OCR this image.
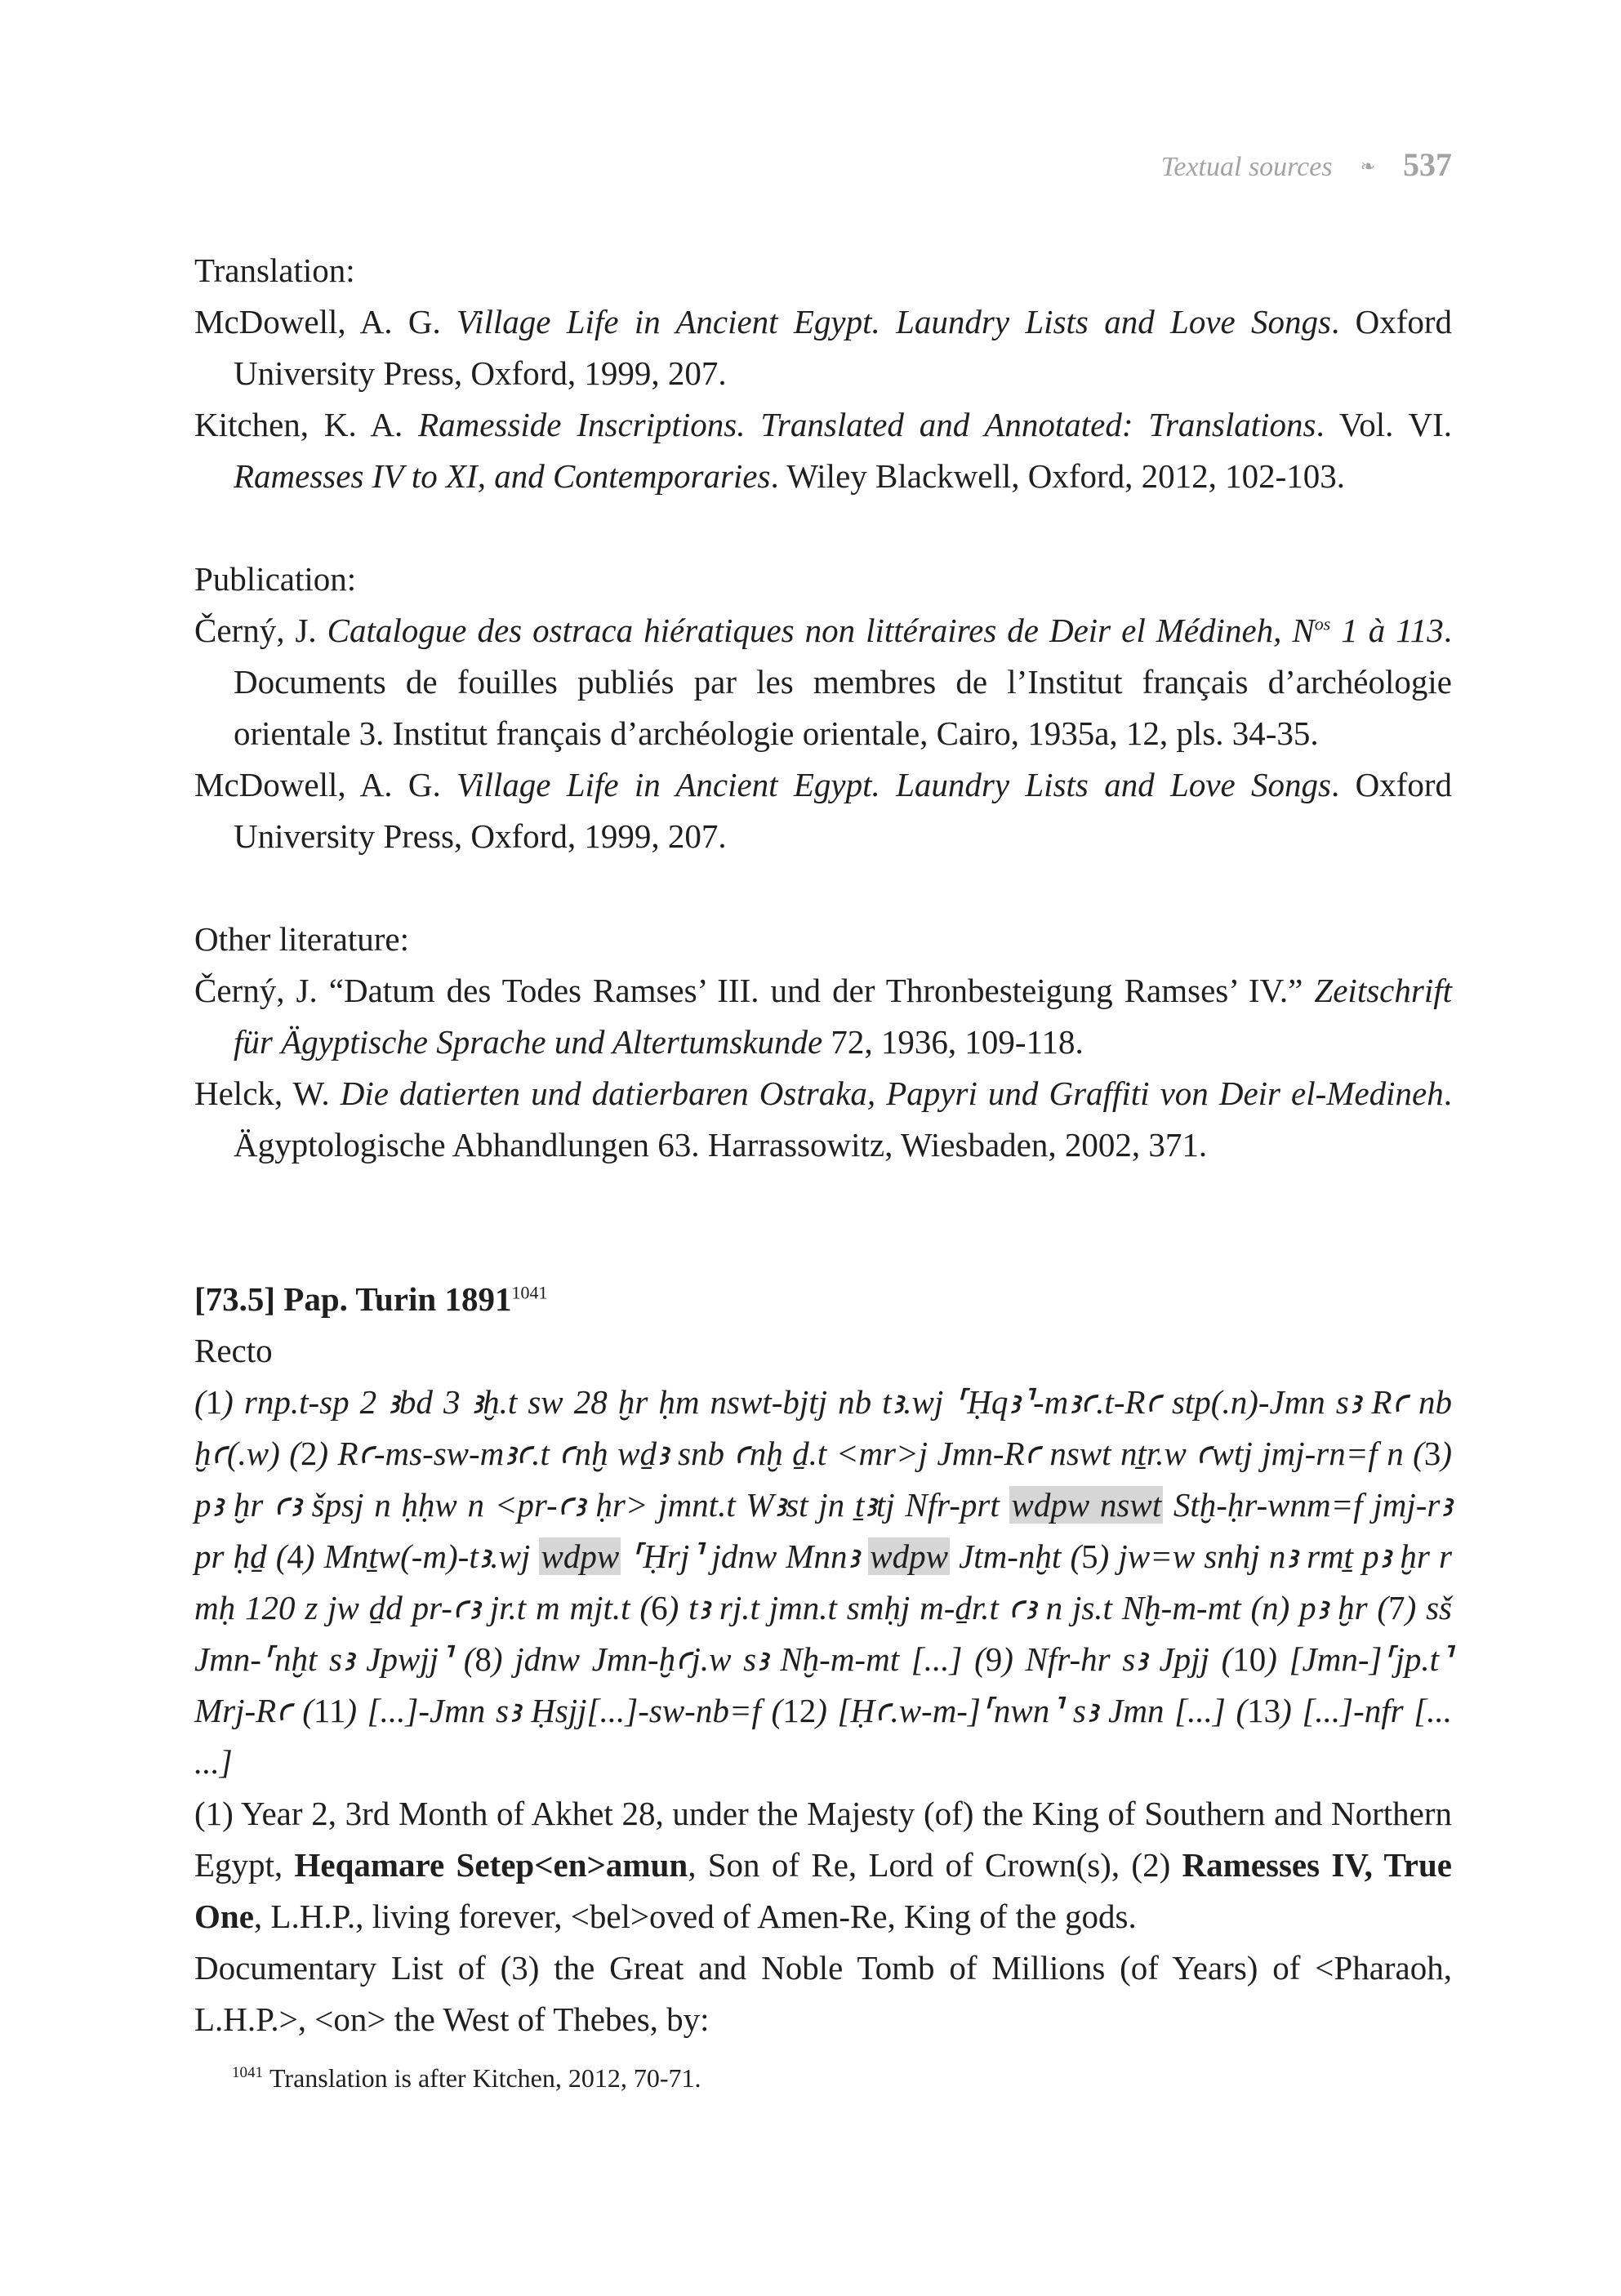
Textual sources ❧ 537

Translation:

McDowell, A. G. Village Life in Ancient Egypt. Laundry Lists and Love Songs. Oxford University Press, Oxford, 1999, 207.

Kitchen, K. A. Ramesside Inscriptions. Translated and Annotated: Translations. Vol. VI. Ramesses IV to XI, and Contemporaries. Wiley Blackwell, Oxford, 2012, 102-103.

Publication:

Černý, J. Catalogue des ostraca hiératiques non littéraires de Deir el Médineh, $N^{os}$ 1 à 113. Documents de fouilles publiés par les membres de l’Institut français d’archéologie orientale 3. Institut français d’archéologie orientale, Cairo, 1935a, 12, pls. 34-35.

McDowell, A. G. Village Life in Ancient Egypt. Laundry Lists and Love Songs. Oxford University Press, Oxford, 1999, 207.

Other literature:

Černý, J. “Datum des Todes Ramses’ III. und der Thronbesteigung Ramses’ IV.” Zeitschrift für Ägyptische Sprache und Altertumskunde 72, 1936, 109-118.

Helck, W. Die datierten und datierbaren Ostraka, Papyri und Graffiti von Deir el-Medineh. Ägyptologische Abhandlungen 63. Harrassowitz, Wiesbaden, 2002, 371.

[73.5] Pap. Turin $1891^{1041}$

Recto

(1) rnp.t-sp 2 ꜣbd 3 ꜣḫ.t sw 28 ḫr ḥm nswt-bjtj nb tꜣ.wj ⸢Ḥqꜣ⸣-mꜣꜥ.t-Rꜥ stp(.n)-Jmn sꜣ Rꜥ nb ḫꜥ(.w) (2) Rꜥ-ms-sw-mꜣꜥ.t ꜥnḫ wḏꜣ snb ꜥnḫ ḏ.t <mr>j Jmn-Rꜥ nswt nṯr.w ꜥwtj jmj-rn=f n (3) pꜣ ḫr ꜥꜣ špsj n ḥḥw n <pr-ꜥꜣ ḥr> jmnt.t Wꜣst jn ṯꜣtj Nfr-prt wdpw nswt Stḫ-ḥr-wnm=f jmj-rꜣ pr ḥḏ (4) Mnṯw(-m)-tꜣ.wj wdpw ⸢Ḥrj⸣ jdnw Mnnꜣ wdpw Jtm-nḫt (5) jw=w snhj nꜣ rmṯ pꜣ ḫr r mḥ 120 z jw ḏd pr-ꜥꜣ jr.t m mjt.t (6) tꜣ rj.t jmn.t smḥj m-ḏr.t ꜥꜣ n js.t Nḫ-m-mt (n) pꜣ ḫr (7) sš Jmn-⸢nḫt sꜣ Jpwjj⸣ (8) jdnw Jmn-ḫꜥj.w sꜣ Nḫ-m-mt [...] (9) Nfr-hr sꜣ Jpjj (10) [Jmn-]⸢jp.t⸣ Mrj-Rꜥ (11) [...]-Jmn sꜣ Ḥsjj[...]-sw-nb=f (12) [Ḥꜥ.w-m-]⸢nwn⸣ sꜣ Jmn [...] (13) [...]-nfr [... ...]

(1) Year 2, 3rd Month of Akhet 28, under the Majesty (of) the King of Southern and Northern Egypt, Heqamare Setep<en>amun, Son of Re, Lord of Crown(s), (2) Ramesses IV, True One, L.H.P., living forever, <bel>oved of Amen-Re, King of the gods.

Documentary List of (3) the Great and Noble Tomb of Millions (of Years) of <Pharaoh, L.H.P.>, <on> the West of Thebes, by:

$^{1041}$ Translation is after Kitchen, 2012, 70-71.
